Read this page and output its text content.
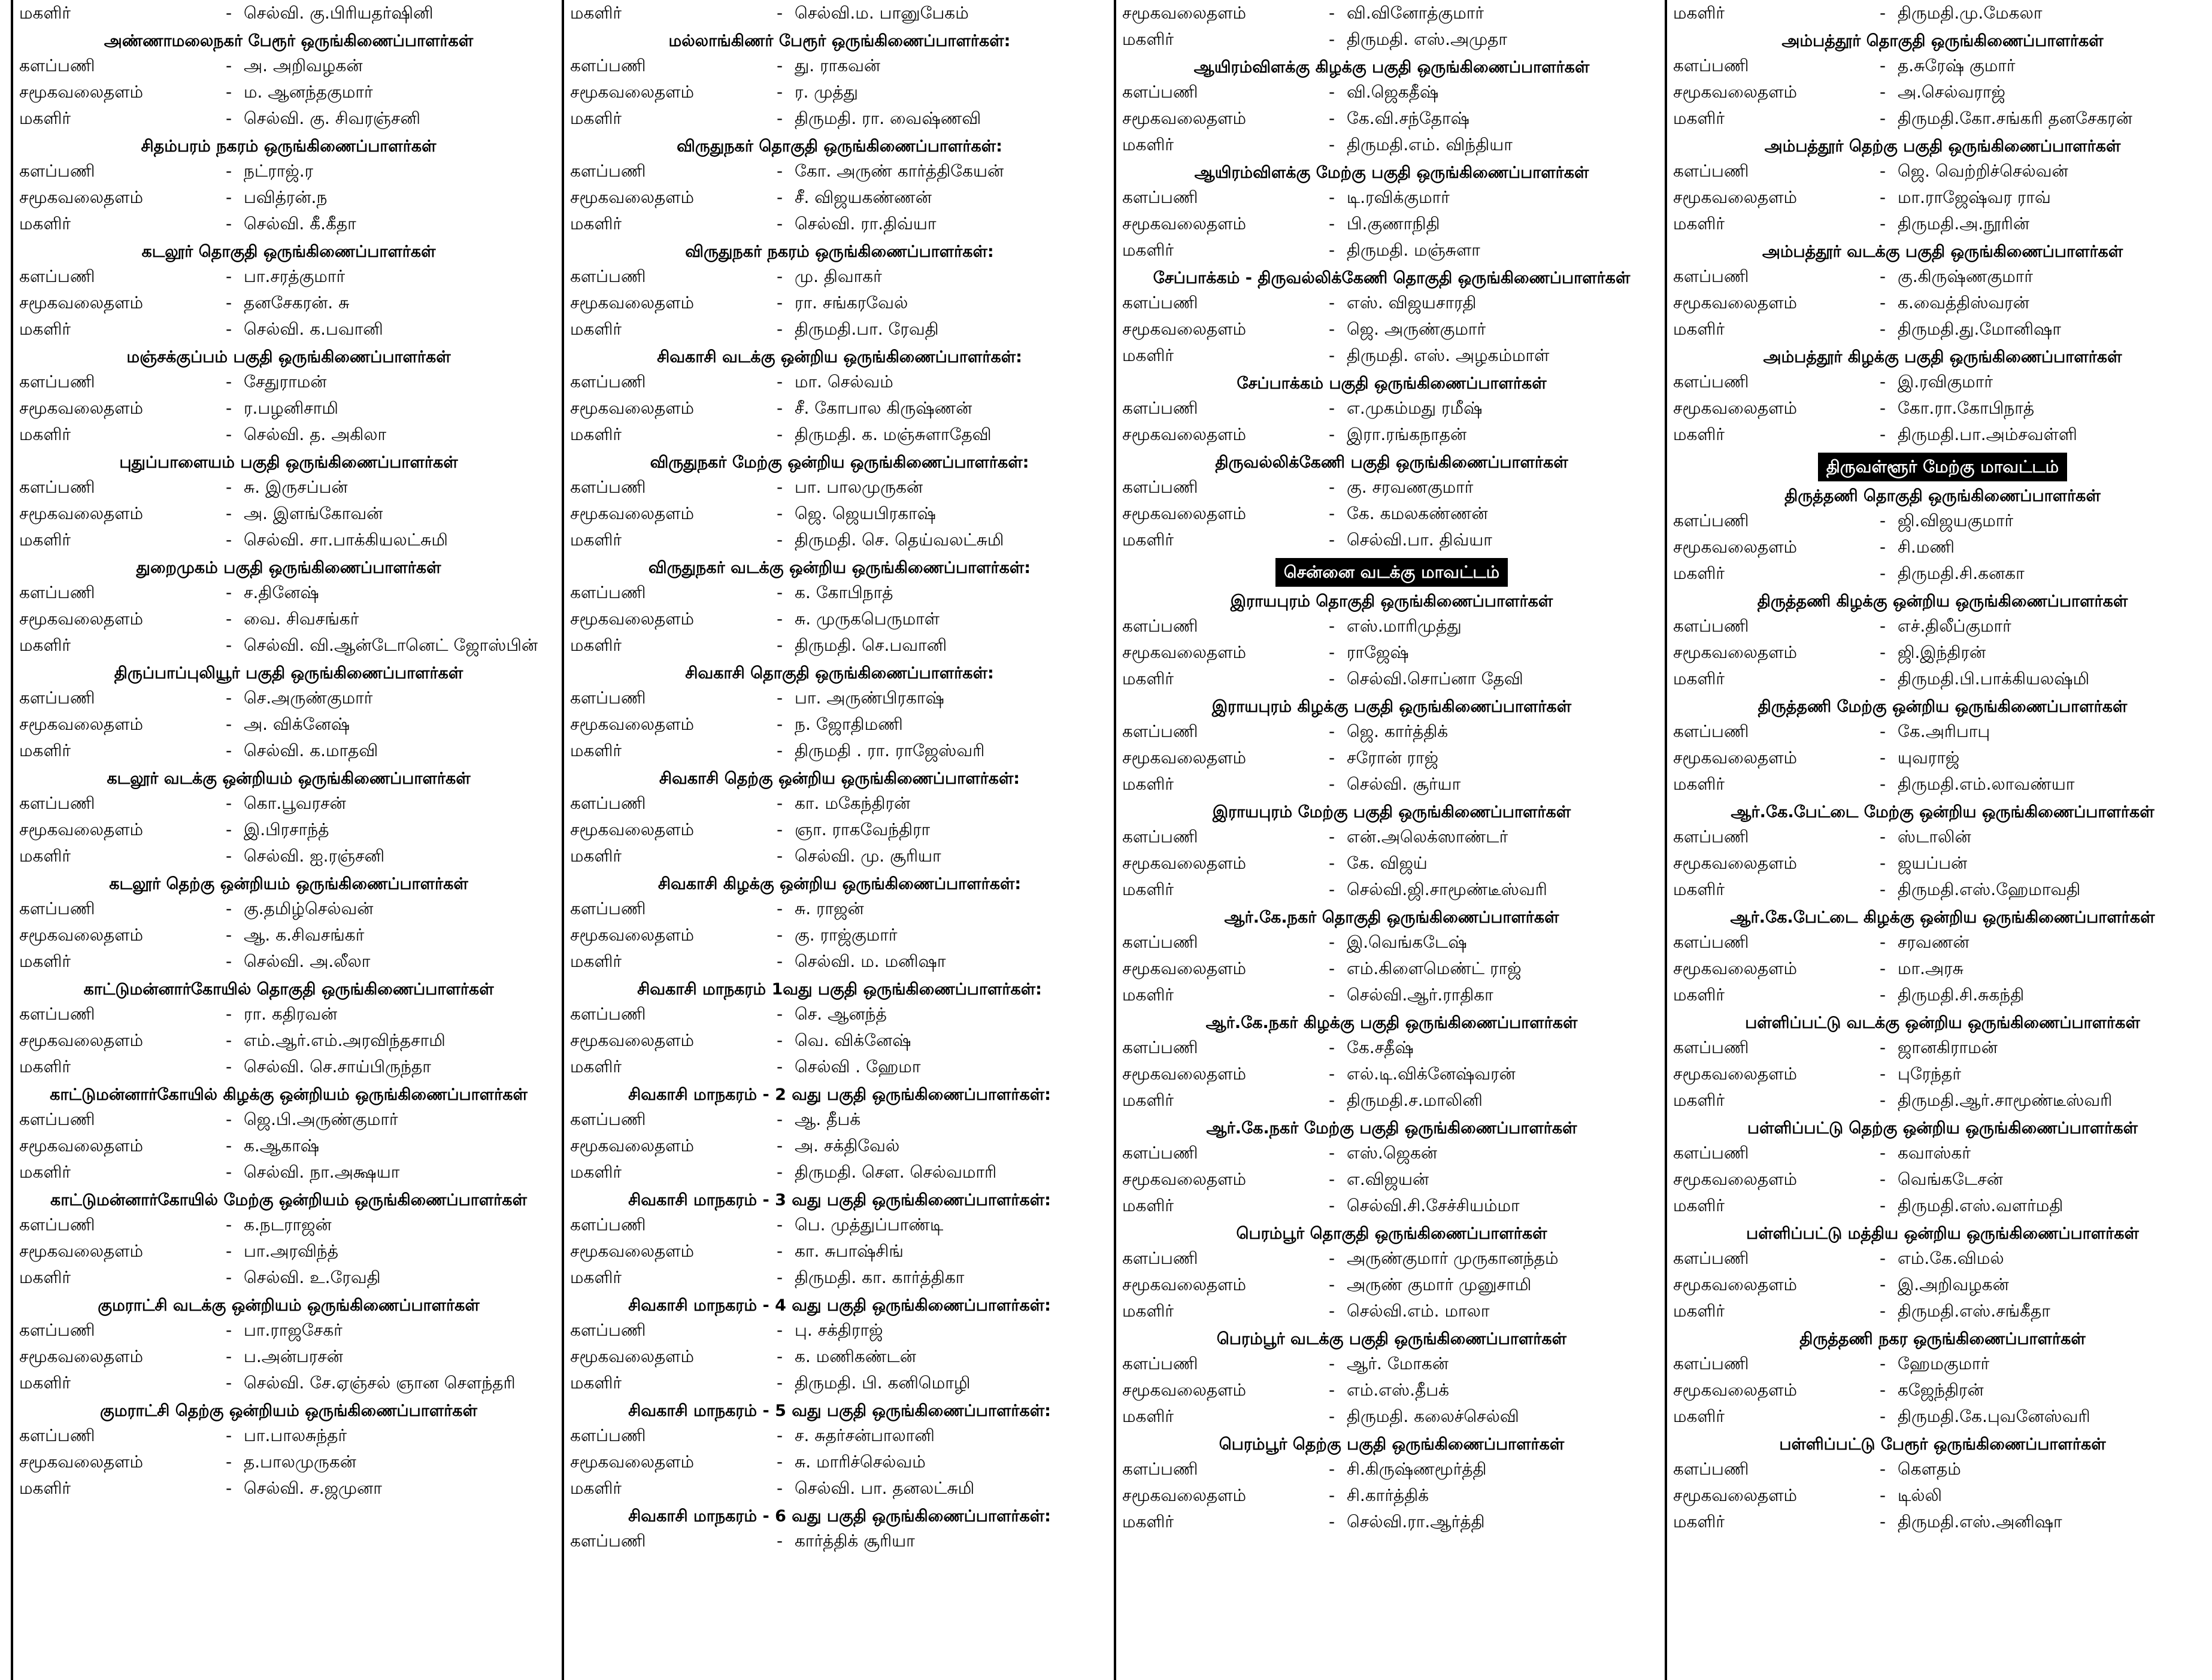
மகளிர்	- செல்வி. கு.பிரியதர்ஷினி
அண்ணாமலைநகர் பேரூர் ஒருங்கிணைப்பாளர்கள்
களப்பணி	- அ. அறிவழகன்
சமூகவலைதளம்	- ம. ஆனந்தகுமார்
மகளிர்	- செல்வி. கு. சிவரஞ்சனி
சிதம்பரம் நகரம் ஒருங்கிணைப்பாளர்கள்
களப்பணி	- நட்ராஜ்.ர
சமூகவலைதளம்	- பவித்ரன்.ந
மகளிர்	- செல்வி. கீ.கீதா
கடலூர் தொகுதி ஒருங்கிணைப்பாளர்கள்
களப்பணி	- பா.சரத்குமார்
சமூகவலைதளம்	- தனசேகரன். சு
மகளிர்	- செல்வி. க.பவானி
மஞ்சக்குப்பம் பகுதி ஒருங்கிணைப்பாளர்கள்
களப்பணி	- சேதுராமன்
சமூகவலைதளம்	- ர.பழனிசாமி
மகளிர்	- செல்வி. த. அகிலா
புதுப்பாளையம் பகுதி ஒருங்கிணைப்பாளர்கள்
களப்பணி	- சு. இருசப்பன்
சமூகவலைதளம்	- அ. இளங்கோவன்
மகளிர்	- செல்வி. சா.பாக்கியலட்சுமி
துறைமுகம் பகுதி ஒருங்கிணைப்பாளர்கள்
களப்பணி	- ச.தினேஷ்
சமூகவலைதளம்	- வை. சிவசங்கர்
மகளிர்	- செல்வி. வி.ஆன்டோனெட் ஜோஸ்பின்
திருப்பாப்புலியூர் பகுதி ஒருங்கிணைப்பாளர்கள்
களப்பணி	- செ.அருண்குமார்
சமூகவலைதளம்	- அ. விக்னேஷ்
மகளிர்	- செல்வி. க.மாதவி
கடலூர் வடக்கு ஒன்றியம் ஒருங்கிணைப்பாளர்கள்
களப்பணி	- கொ.பூவரசன்
சமூகவலைதளம்	- இ.பிரசாந்த்
மகளிர்	- செல்வி. ஐ.ரஞ்சனி
கடலூர் தெற்கு ஒன்றியம் ஒருங்கிணைப்பாளர்கள்
களப்பணி	- கு.தமிழ்செல்வன்
சமூகவலைதளம்	- ஆ. க.சிவசங்கர்
மகளிர்	- செல்வி. அ.லீலா
காட்டுமன்னார்கோயில் தொகுதி ஒருங்கிணைப்பாளர்கள்
களப்பணி	- ரா. கதிரவன்
சமூகவலைதளம்	- எம்.ஆர்.எம்.அரவிந்தசாமி
மகளிர்	- செல்வி. செ.சாய்பிருந்தா
காட்டுமன்னார்கோயில் கிழக்கு ஒன்றியம் ஒருங்கிணைப்பாளர்கள்
களப்பணி	- ஜெ.பி.அருண்குமார்
சமூகவலைதளம்	- க.ஆகாஷ்
மகளிர்	- செல்வி. நா.அக்ஷயா
காட்டுமன்னார்கோயில் மேற்கு ஒன்றியம் ஒருங்கிணைப்பாளர்கள்
களப்பணி	- க.நடராஜன்
சமூகவலைதளம்	- பா.அரவிந்த்
மகளிர்	- செல்வி. உ.ரேவதி
குமராட்சி வடக்கு ஒன்றியம் ஒருங்கிணைப்பாளர்கள்
களப்பணி	- பா.ராஜசேகர்
சமூகவலைதளம்	- ப.அன்பரசன்
மகளிர்	- செல்வி. சே.ஏஞ்சல் ஞான சௌந்தரி
குமராட்சி தெற்கு ஒன்றியம் ஒருங்கிணைப்பாளர்கள்
களப்பணி	- பா.பாலசுந்தர்
சமூகவலைதளம்	- த.பாலமுருகன்
மகளிர்	- செல்வி. ச.ஜமுனா
மகளிர்	- செல்வி.ம. பானுபேகம்
மல்லாங்கிணர் பேரூர் ஒருங்கிணைப்பாளர்கள்:
களப்பணி	- து. ராகவன்
சமூகவலைதளம்	- ர. முத்து
மகளிர்	- திருமதி. ரா. வைஷ்ணவி
விருதுநகர் தொகுதி ஒருங்கிணைப்பாளர்கள்:
களப்பணி	- கோ. அருண் கார்த்திகேயன்
சமூகவலைதளம்	- சீ. விஜயகண்ணன்
மகளிர்	- செல்வி. ரா.திவ்யா
விருதுநகர் நகரம் ஒருங்கிணைப்பாளர்கள்:
களப்பணி	- மு. திவாகர்
சமூகவலைதளம்	- ரா. சங்கரவேல்
மகளிர்	- திருமதி.பா. ரேவதி
சிவகாசி வடக்கு ஒன்றிய ஒருங்கிணைப்பாளர்கள்:
களப்பணி	- மா. செல்வம்
சமூகவலைதளம்	- சீ. கோபால கிருஷ்ணன்
மகளிர்	- திருமதி. க. மஞ்சுளாதேவி
விருதுநகர் மேற்கு ஒன்றிய ஒருங்கிணைப்பாளர்கள்:
களப்பணி	- பா. பாலமுருகன்
சமூகவலைதளம்	- ஜெ. ஜெயபிரகாஷ்
மகளிர்	- திருமதி. செ. தெய்வலட்சுமி
விருதுநகர் வடக்கு ஒன்றிய ஒருங்கிணைப்பாளர்கள்:
களப்பணி	- க. கோபிநாத்
சமூகவலைதளம்	- சு. முருகபெருமாள்
மகளிர்	- திருமதி. செ.பவானி
சிவகாசி தொகுதி ஒருங்கிணைப்பாளர்கள்:
களப்பணி	- பா. அருண்பிரகாஷ்
சமூகவலைதளம்	- ந. ஜோதிமணி
மகளிர்	- திருமதி . ரா. ராஜேஸ்வரி
சிவகாசி தெற்கு ஒன்றிய ஒருங்கிணைப்பாளர்கள்:
களப்பணி	- கா. மகேந்திரன்
சமூகவலைதளம்	- ஞா. ராகவேந்திரா
மகளிர்	- செல்வி. மு. சூரியா
சிவகாசி கிழக்கு ஒன்றிய ஒருங்கிணைப்பாளர்கள்:
களப்பணி	- சு. ராஜன்
சமூகவலைதளம்	- கு. ராஜ்குமார்
மகளிர்	- செல்வி. ம. மனிஷா
சிவகாசி மாநகரம் 1வது பகுதி ஒருங்கிணைப்பாளர்கள்:
களப்பணி	- செ. ஆனந்த்
சமூகவலைதளம்	- வெ. விக்னேஷ்
மகளிர்	- செல்வி . ஹேமா
சிவகாசி மாநகரம் - 2 வது பகுதி ஒருங்கிணைப்பாளர்கள்:
களப்பணி	- ஆ. தீபக்
சமூகவலைதளம்	- அ. சக்திவேல்
மகளிர்	- திருமதி. செள. செல்வமாரி
சிவகாசி மாநகரம் - 3 வது பகுதி ஒருங்கிணைப்பாளர்கள்:
களப்பணி	- பெ. முத்துப்பாண்டி
சமூகவலைதளம்	- கா. சுபாஷ்சிங்
மகளிர்	- திருமதி. கா. கார்த்திகா
சிவகாசி மாநகரம் - 4 வது பகுதி ஒருங்கிணைப்பாளர்கள்:
களப்பணி	- பு. சக்திராஜ்
சமூகவலைதளம்	- க. மணிகண்டன்
மகளிர்	- திருமதி. பி. கனிமொழி
சிவகாசி மாநகரம் - 5 வது பகுதி ஒருங்கிணைப்பாளர்கள்:
களப்பணி	- ச. சுதர்சன்பாலானி
சமூகவலைதளம்	- சு. மாரிச்செல்வம்
மகளிர்	- செல்வி. பா. தனலட்சுமி
சிவகாசி மாநகரம் - 6 வது பகுதி ஒருங்கிணைப்பாளர்கள்:
களப்பணி	- கார்த்திக் சூரியா
சமூகவலைதளம்	- வி.வினோத்குமார்
மகளிர்	- திருமதி. எஸ்.அமுதா
ஆயிரம்விளக்கு கிழக்கு பகுதி ஒருங்கிணைப்பாளர்கள்
களப்பணி	- வி.ஜெகதீஷ்
சமூகவலைதளம்	- கே.வி.சந்தோஷ்
மகளிர்	- திருமதி.எம். விந்தியா
ஆயிரம்விளக்கு மேற்கு பகுதி ஒருங்கிணைப்பாளர்கள்
களப்பணி	- டி.ரவிக்குமார்
சமூகவலைதளம்	- பி.குணாநிதி
மகளிர்	- திருமதி. மஞ்சுளா
சேப்பாக்கம் - திருவல்லிக்கேணி தொகுதி ஒருங்கிணைப்பாளர்கள்
களப்பணி	- எஸ். விஜயசாரதி
சமூகவலைதளம்	- ஜெ. அருண்குமார்
மகளிர்	- திருமதி. எஸ். அழகம்மாள்
சேப்பாக்கம் பகுதி ஒருங்கிணைப்பாளர்கள்
களப்பணி	- எ.முகம்மது ரமீஷ்
சமூகவலைதளம்	- இரா.ரங்கநாதன்
திருவல்லிக்கேணி பகுதி ஒருங்கிணைப்பாளர்கள்
களப்பணி	- கு. சரவணகுமார்
சமூகவலைதளம்	- கே. கமலகண்ணன்
மகளிர்	- செல்வி.பா. திவ்யா
சென்னை வடக்கு மாவட்டம்
இராயபுரம் தொகுதி ஒருங்கிணைப்பாளர்கள்
களப்பணி	- எஸ்.மாரிமுத்து
சமூகவலைதளம்	- ராஜேஷ்
மகளிர்	- செல்வி.சொப்னா தேவி
இராயபுரம் கிழக்கு பகுதி ஒருங்கிணைப்பாளர்கள்
களப்பணி	- ஜெ. கார்த்திக்
சமூகவலைதளம்	- சரோன் ராஜ்
மகளிர்	- செல்வி. சூர்யா
இராயபுரம் மேற்கு பகுதி ஒருங்கிணைப்பாளர்கள்
களப்பணி	- என்.அலெக்ஸாண்டர்
சமூகவலைதளம்	- கே. விஜய்
மகளிர்	- செல்வி.ஜி.சாமூண்டீஸ்வரி
ஆர்.கே.நகர் தொகுதி ஒருங்கிணைப்பாளர்கள்
களப்பணி	- இ.வெங்கடேஷ்
சமூகவலைதளம்	- எம்.கிளைமெண்ட் ராஜ்
மகளிர்	- செல்வி.ஆர்.ராதிகா
ஆர்.கே.நகர் கிழக்கு பகுதி ஒருங்கிணைப்பாளர்கள்
களப்பணி	- கே.சதீஷ்
சமூகவலைதளம்	- எல்.டி.விக்னேஷ்வரன்
மகளிர்	- திருமதி.ச.மாலினி
ஆர்.கே.நகர் மேற்கு பகுதி ஒருங்கிணைப்பாளர்கள்
களப்பணி	- எஸ்.ஜெகன்
சமூகவலைதளம்	- எ.விஜயன்
மகளிர்	- செல்வி.சி.சேச்சியம்மா
பெரம்பூர் தொகுதி ஒருங்கிணைப்பாளர்கள்
களப்பணி	- அருண்குமார் முருகானந்தம்
சமூகவலைதளம்	- அருண் குமார் முனுசாமி
மகளிர்	- செல்வி.எம். மாலா
பெரம்பூர் வடக்கு பகுதி ஒருங்கிணைப்பாளர்கள்
களப்பணி	- ஆர். மோகன்
சமூகவலைதளம்	- எம்.எஸ்.தீபக்
மகளிர்	- திருமதி. கலைச்செல்வி
பெரம்பூர் தெற்கு பகுதி ஒருங்கிணைப்பாளர்கள்
களப்பணி	- சி.கிருஷ்ணமூர்த்தி
சமூகவலைதளம்	- சி.கார்த்திக்
மகளிர்	- செல்வி.ரா.ஆர்த்தி
மகளிர்	- திருமதி.மு.மேகலா
அம்பத்தூர் தொகுதி ஒருங்கிணைப்பாளர்கள்
களப்பணி	- த.சுரேஷ் குமார்
சமூகவலைதளம்	- அ.செல்வராஜ்
மகளிர்	- திருமதி.கோ.சங்கரி தனசேகரன்
அம்பத்தூர் தெற்கு பகுதி ஒருங்கிணைப்பாளர்கள்
களப்பணி	- ஜெ. வெற்றிச்செல்வன்
சமூகவலைதளம்	- மா.ராஜேஷ்வர ராவ்
மகளிர்	- திருமதி.அ.நூரின்
அம்பத்தூர் வடக்கு பகுதி ஒருங்கிணைப்பாளர்கள்
களப்பணி	- கு.கிருஷ்ணகுமார்
சமூகவலைதளம்	- க.வைத்திஸ்வரன்
மகளிர்	- திருமதி.து.மோனிஷா
அம்பத்தூர் கிழக்கு பகுதி ஒருங்கிணைப்பாளர்கள்
களப்பணி	- இ.ரவிகுமார்
சமூகவலைதளம்	- கோ.ரா.கோபிநாத்
மகளிர்	- திருமதி.பா.அம்சவள்ளி
திருவள்ளூர் மேற்கு மாவட்டம்
திருத்தணி தொகுதி ஒருங்கிணைப்பாளர்கள்
களப்பணி	- ஜி.விஜயகுமார்
சமூகவலைதளம்	- சி.மணி
மகளிர்	- திருமதி.சி.கனகா
திருத்தணி கிழக்கு ஒன்றிய ஒருங்கிணைப்பாளர்கள்
களப்பணி	- எச்.திலீப்குமார்
சமூகவலைதளம்	- ஜி.இந்திரன்
மகளிர்	- திருமதி.பி.பாக்கியலஷ்மி
திருத்தணி மேற்கு ஒன்றிய ஒருங்கிணைப்பாளர்கள்
களப்பணி	- கே.அரிபாபு
சமூகவலைதளம்	- யுவராஜ்
மகளிர்	- திருமதி.எம்.லாவண்யா
ஆர்.கே.பேட்டை மேற்கு ஒன்றிய ஒருங்கிணைப்பாளர்கள்
களப்பணி	- ஸ்டாலின்
சமூகவலைதளம்	- ஜயப்பன்
மகளிர்	- திருமதி.எஸ்.ஹேமாவதி
ஆர்.கே.பேட்டை கிழக்கு ஒன்றிய ஒருங்கிணைப்பாளர்கள்
களப்பணி	- சரவணன்
சமூகவலைதளம்	- மா.அரசு
மகளிர்	- திருமதி.சி.சுகந்தி
பள்ளிப்பட்டு வடக்கு ஒன்றிய ஒருங்கிணைப்பாளர்கள்
களப்பணி	- ஜானகிராமன்
சமூகவலைதளம்	- புரேந்தர்
மகளிர்	- திருமதி.ஆர்.சாமூண்டீஸ்வரி
பள்ளிப்பட்டு தெற்கு ஒன்றிய ஒருங்கிணைப்பாளர்கள்
களப்பணி	- கவாஸ்கர்
சமூகவலைதளம்	- வெங்கடேசன்
மகளிர்	- திருமதி.எஸ்.வளர்மதி
பள்ளிப்பட்டு மத்திய ஒன்றிய ஒருங்கிணைப்பாளர்கள்
களப்பணி	- எம்.கே.விமல்
சமூகவலைதளம்	- இ.அறிவழகன்
மகளிர்	- திருமதி.எஸ்.சங்கீதா
திருத்தணி நகர ஒருங்கிணைப்பாளர்கள்
களப்பணி	- ஹேமகுமார்
சமூகவலைதளம்	- கஜேந்திரன்
மகளிர்	- திருமதி.கே.புவனேஸ்வரி
பள்ளிப்பட்டு பேரூர் ஒருங்கிணைப்பாளர்கள்
களப்பணி	- கௌதம்
சமூகவலைதளம்	- டில்லி
மகளிர்	- திருமதி.எஸ்.அனிஷா
